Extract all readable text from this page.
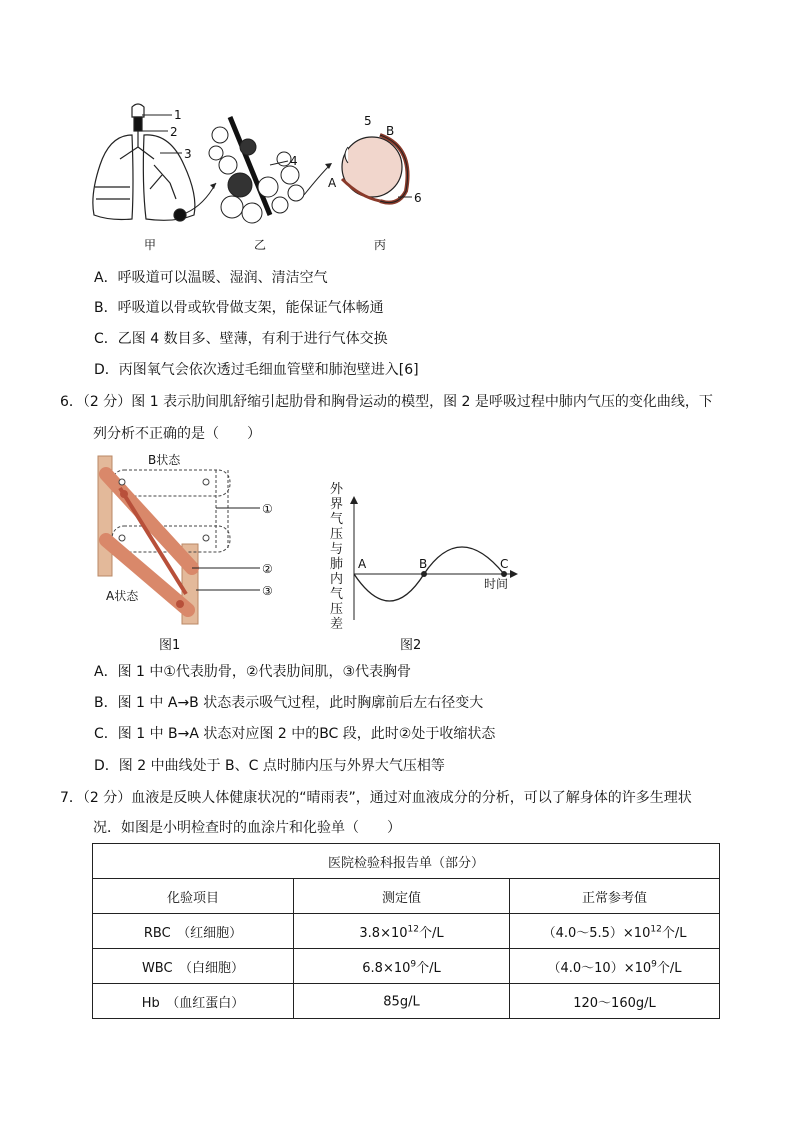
1
2
3
甲
4
乙
5
B
A
6
丙
A．呼吸道可以温暖、湿润、清洁空气
B．呼吸道以骨或软骨做支架，能保证气体畅通
C．乙图 4 数目多、壁薄，有利于进行气体交换
D．丙图氧气会依次透过毛细血管壁和肺泡壁进入[6]
6．（2 分）图 1 表示肋间肌舒缩引起肋骨和胸骨运动的模型，图 2 是呼吸过程中肺内气压的变化曲线，下
列分析不正确的是（　　）
B状态
A状态
①
②
③
图1
A	B	C
时间
外界气压与肺内气压差
图2
A．图 1 中①代表肋骨，②代表肋间肌，③代表胸骨
B．图 1 中 A→B 状态表示吸气过程，此时胸廓前后左右径变大
C．图 1 中 B→A 状态对应图 2 中的BC 段，此时②处于收缩状态
D．图 2 中曲线处于 B、C 点时肺内压与外界大气压相等
7．（2 分）血液是反映人体健康状况的“晴雨表”，通过对血液成分的分析，可以了解身体的许多生理状
况．如图是小明检查时的血涂片和化验单（　　）
医院检验科报告单（部分）		
化验项目	测定值	正常参考值
RBC　（红细胞）	$3.8\times 10^{12}$个/L	$(4.0\sim 5.5)\times 10^{12}$个/L
WBC　（白细胞）	$6.8\times 10^9$个/L	$(4.0\sim 10)\times 10^9$个/L
Hb　（血红蛋白）	85g/L	120～160g/L
